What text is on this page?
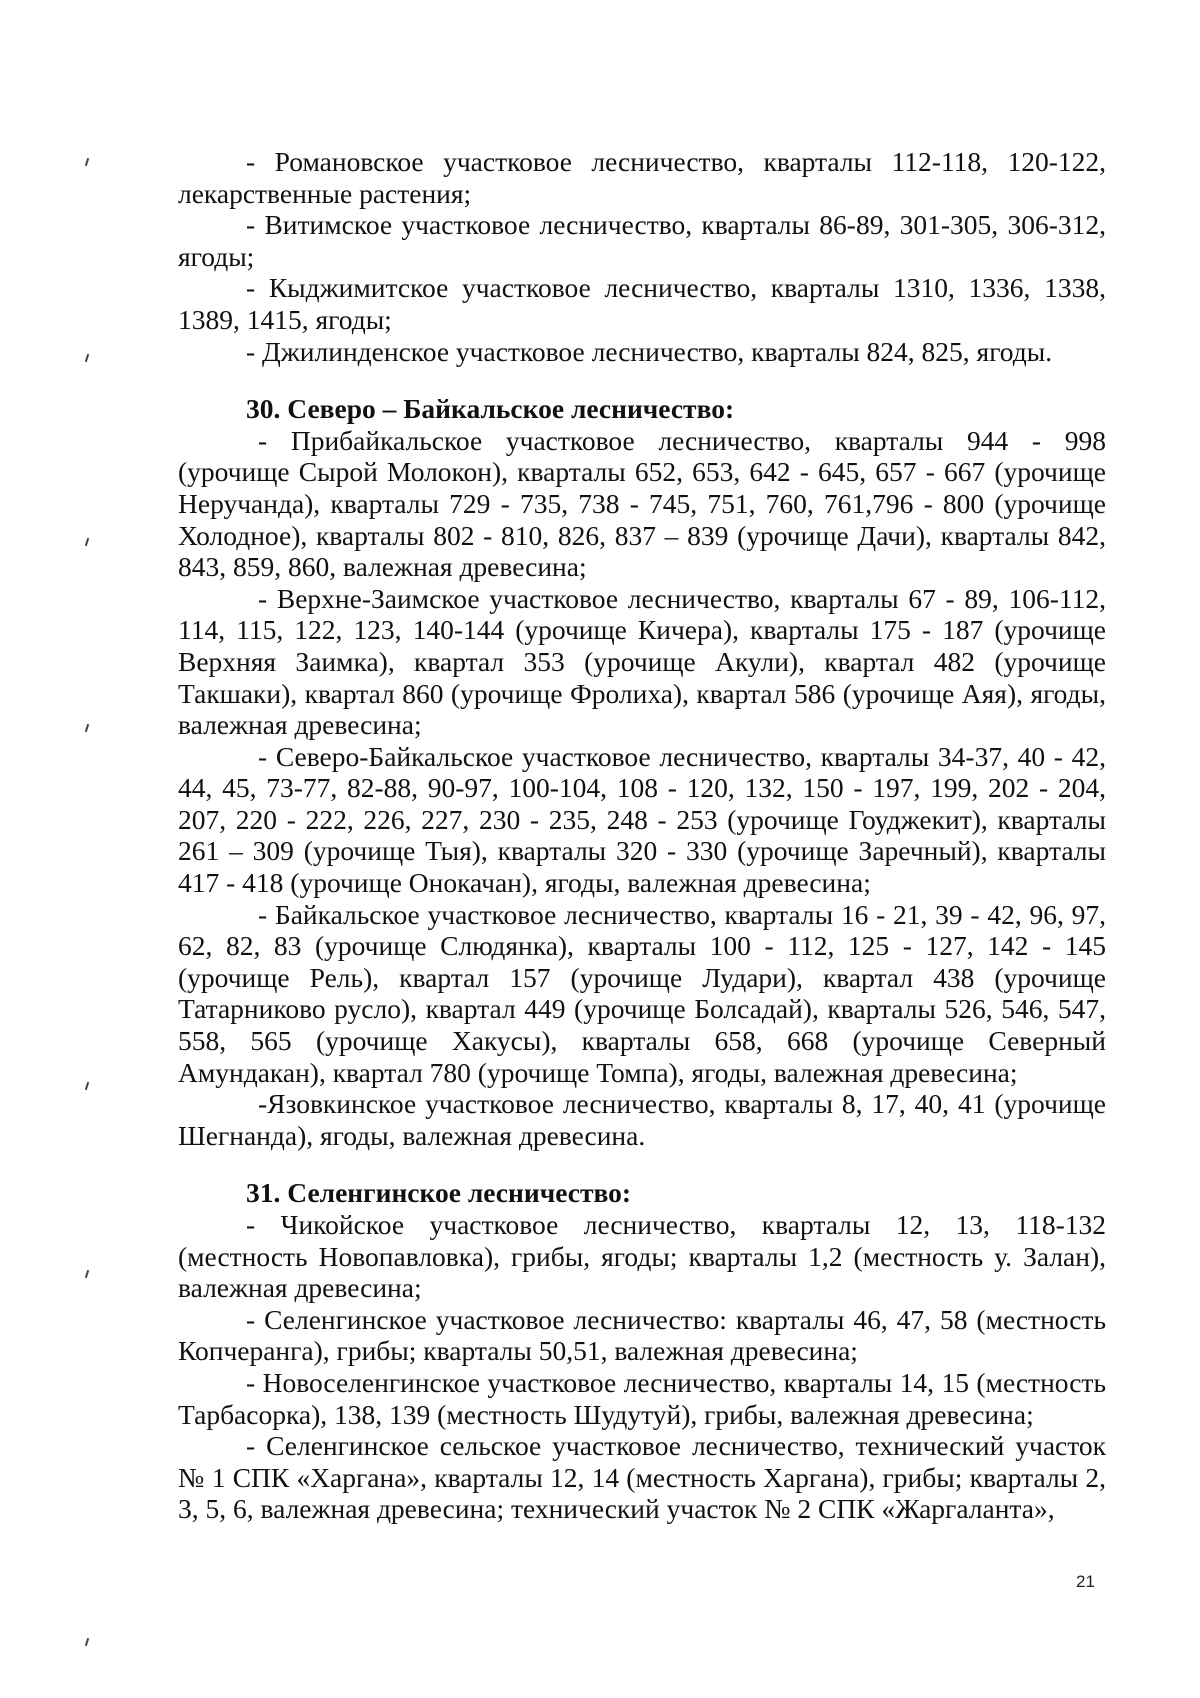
- Романовское участковое лесничество, кварталы 112-118, 120-122, лекарственные растения;

- Витимское участковое лесничество, кварталы 86-89, 301-305, 306-312, ягоды;

- Кыджимитское участковое лесничество, кварталы 1310, 1336, 1338, 1389, 1415, ягоды;

- Джилинденское участковое лесничество, кварталы 824, 825, ягоды.

30. Северо – Байкальское лесничество:

- Прибайкальское участковое лесничество, кварталы 944 - 998 (урочище Сырой Молокон), кварталы 652, 653, 642 - 645, 657 - 667 (урочище Неручанда), кварталы 729 - 735, 738 - 745, 751, 760, 761,796 - 800 (урочище Холодное), кварталы 802 - 810, 826, 837 – 839 (урочище Дачи), кварталы 842, 843, 859, 860, валежная древесина;

- Верхне-Заимское участковое лесничество, кварталы 67 - 89, 106-112, 114, 115, 122, 123, 140-144 (урочище Кичера), кварталы 175 - 187 (урочище Верхняя Заимка), квартал 353 (урочище Акули), квартал 482 (урочище Такшаки), квартал 860 (урочище Фролиха), квартал 586 (урочище Аяя), ягоды, валежная древесина;

- Северо-Байкальское участковое лесничество, кварталы 34-37, 40 - 42, 44, 45, 73-77, 82-88, 90-97, 100-104, 108 - 120, 132, 150 - 197, 199, 202 - 204, 207, 220 - 222, 226, 227, 230 - 235, 248 - 253 (урочище Гоуджекит), кварталы 261 – 309 (урочище Тыя), кварталы 320 - 330 (урочище Заречный), кварталы 417 - 418 (урочище Онокачан), ягоды, валежная древесина;

- Байкальское участковое лесничество, кварталы 16 - 21, 39 - 42, 96, 97, 62, 82, 83 (урочище Слюдянка), кварталы 100 - 112, 125 - 127, 142 - 145 (урочище Рель), квартал 157 (урочище Лудари), квартал 438 (урочище Татарниково русло), квартал 449 (урочище Болсадай), кварталы 526, 546, 547, 558, 565 (урочище Хакусы), кварталы 658, 668 (урочище Северный Амундакан), квартал 780 (урочище Томпа), ягоды, валежная древесина;

-Язовкинское участковое лесничество, кварталы 8, 17, 40, 41 (урочище Шегнанда), ягоды, валежная древесина.

31. Селенгинское лесничество:

- Чикойское участковое лесничество, кварталы 12, 13, 118-132 (местность Новопавловка), грибы, ягоды; кварталы 1,2 (местность у. Залан), валежная древесина;

- Селенгинское участковое лесничество: кварталы 46, 47, 58 (местность Копчеранга), грибы; кварталы 50,51, валежная древесина;

- Новоселенгинское участковое лесничество, кварталы 14, 15 (местность Тарбасорка), 138, 139 (местность Шудутуй), грибы, валежная древесина;

- Селенгинское сельское участковое лесничество, технический участок № 1 СПК «Харгана», кварталы 12, 14 (местность Харгана), грибы; кварталы 2, 3, 5, 6, валежная древесина; технический участок № 2 СПК «Жаргаланта»,

21
